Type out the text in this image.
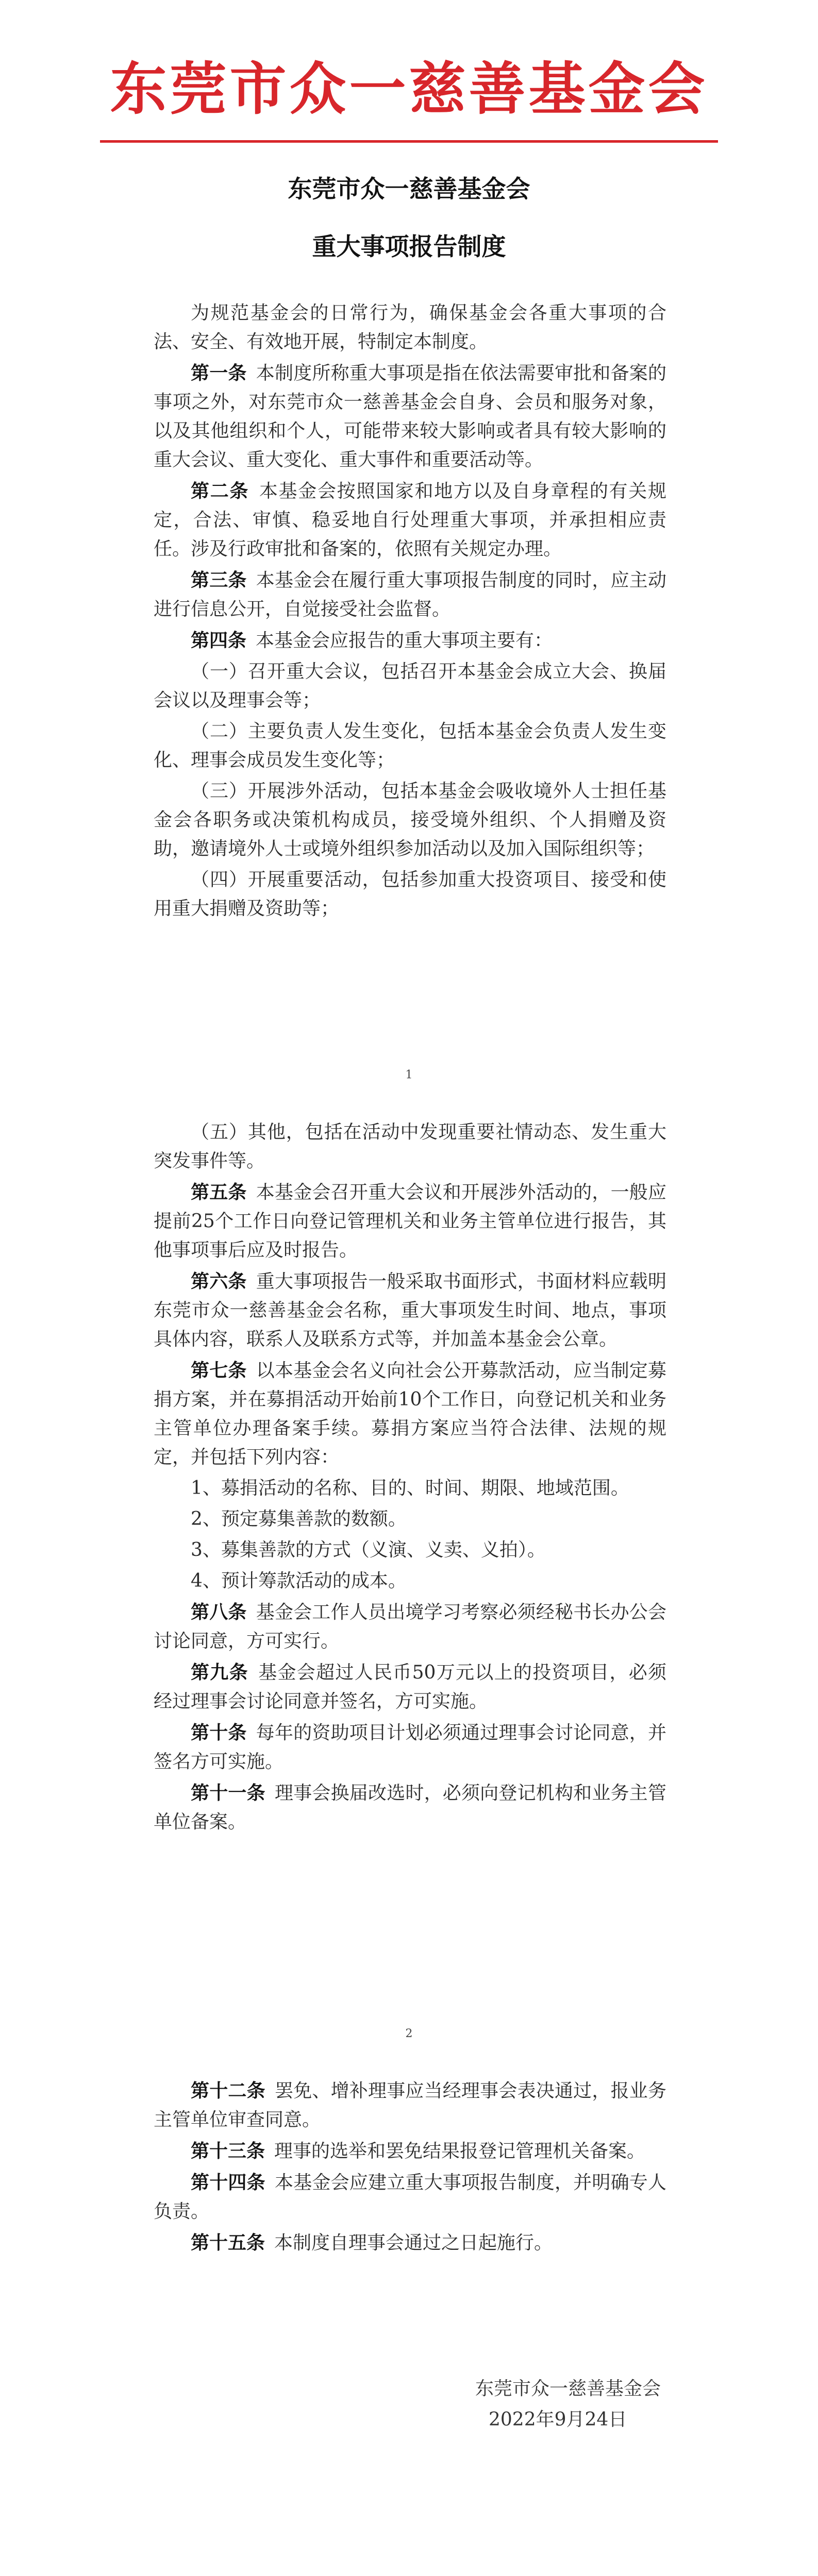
东莞市众一慈善基金会
东莞市众一慈善基金会
重大事项报告制度

为规范基金会的日常行为，确保基金会各重大事项的合法、安全、有效地开展，特制定本制度。

第一条  本制度所称重大事项是指在依法需要审批和备案的事项之外，对东莞市众一慈善基金会自身、会员和服务对象，以及其他组织和个人，可能带来较大影响或者具有较大影响的重大会议、重大变化、重大事件和重要活动等。

第二条  本基金会按照国家和地方以及自身章程的有关规定，合法、审慎、稳妥地自行处理重大事项，并承担相应责任。涉及行政审批和备案的，依照有关规定办理。

第三条  本基金会在履行重大事项报告制度的同时，应主动进行信息公开，自觉接受社会监督。

第四条  本基金会应报告的重大事项主要有：

（一）召开重大会议，包括召开本基金会成立大会、换届会议以及理事会等；

（二）主要负责人发生变化，包括本基金会负责人发生变化、理事会成员发生变化等；

（三）开展涉外活动，包括本基金会吸收境外人士担任基金会各职务或决策机构成员，接受境外组织、个人捐赠及资助，邀请境外人士或境外组织参加活动以及加入国际组织等；

（四）开展重要活动，包括参加重大投资项目、接受和使用重大捐赠及资助等；

1

（五）其他，包括在活动中发现重要社情动态、发生重大突发事件等。

第五条  本基金会召开重大会议和开展涉外活动的，一般应提前25个工作日向登记管理机关和业务主管单位进行报告，其他事项事后应及时报告。

第六条  重大事项报告一般采取书面形式，书面材料应载明东莞市众一慈善基金会名称，重大事项发生时间、地点，事项具体内容，联系人及联系方式等，并加盖本基金会公章。

第七条  以本基金会名义向社会公开募款活动，应当制定募捐方案，并在募捐活动开始前10个工作日，向登记机关和业务主管单位办理备案手续。募捐方案应当符合法律、法规的规定，并包括下列内容：

1、募捐活动的名称、目的、时间、期限、地域范围。

2、预定募集善款的数额。

3、募集善款的方式（义演、义卖、义拍）。

4、预计筹款活动的成本。

第八条  基金会工作人员出境学习考察必须经秘书长办公会讨论同意，方可实行。

第九条  基金会超过人民币50万元以上的投资项目，必须经过理事会讨论同意并签名，方可实施。

第十条  每年的资助项目计划必须通过理事会讨论同意，并签名方可实施。

第十一条  理事会换届改选时，必须向登记机构和业务主管单位备案。

2

第十二条  罢免、增补理事应当经理事会表决通过，报业务主管单位审查同意。

第十三条  理事的选举和罢免结果报登记管理机关备案。

第十四条  本基金会应建立重大事项报告制度，并明确专人负责。

第十五条  本制度自理事会通过之日起施行。

东莞市众一慈善基金会
2022年9月24日
